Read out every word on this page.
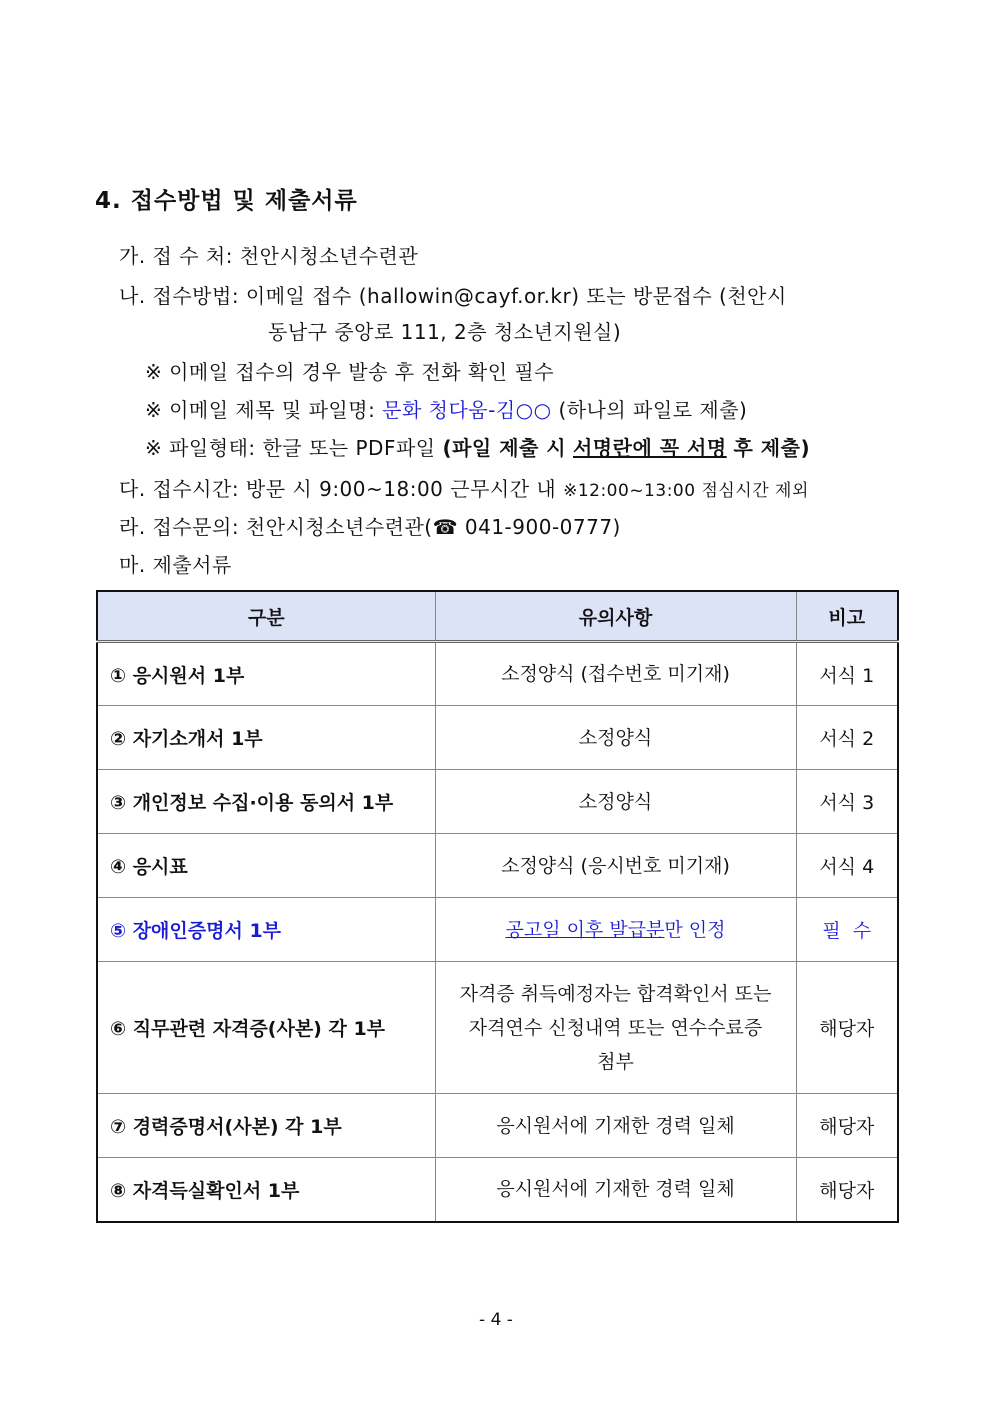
4. 접수방법 및 제출서류
가. 접 수 처: 천안시청소년수련관
나. 접수방법: 이메일 접수 (hallowin@cayf.or.kr) 또는 방문접수 (천안시
동남구 중앙로 111, 2층 청소년지원실)
※ 이메일 접수의 경우 발송 후 전화 확인 필수
※ 이메일 제목 및 파일명: 문화 청다움-김○○ (하나의 파일로 제출)
※ 파일형태: 한글 또는 PDF파일 (파일 제출 시 서명란에 꼭 서명 후 제출)
다. 접수시간: 방문 시 9:00~18:00 근무시간 내 ※12:00~13:00 점심시간 제외
라. 접수문의: 천안시청소년수련관(☎ 041-900-0777)
마. 제출서류
구분	유의사항	비고
① 응시원서 1부	소정양식 (접수번호 미기재)	서식 1
② 자기소개서 1부	소정양식	서식 2
③ 개인정보 수집·이용 동의서 1부	소정양식	서식 3
④ 응시표	소정양식 (응시번호 미기재)	서식 4
⑤ 장애인증명서 1부	공고일 이후 발급분만 인정	필  수
⑥ 직무관련 자격증(사본) 각 1부	자격증 취득예정자는 합격확인서 또는
자격연수 신청내역 또는 연수수료증
첨부	해당자
⑦ 경력증명서(사본) 각 1부	응시원서에 기재한 경력 일체	해당자
⑧ 자격득실확인서 1부	응시원서에 기재한 경력 일체	해당자
- 4 -
